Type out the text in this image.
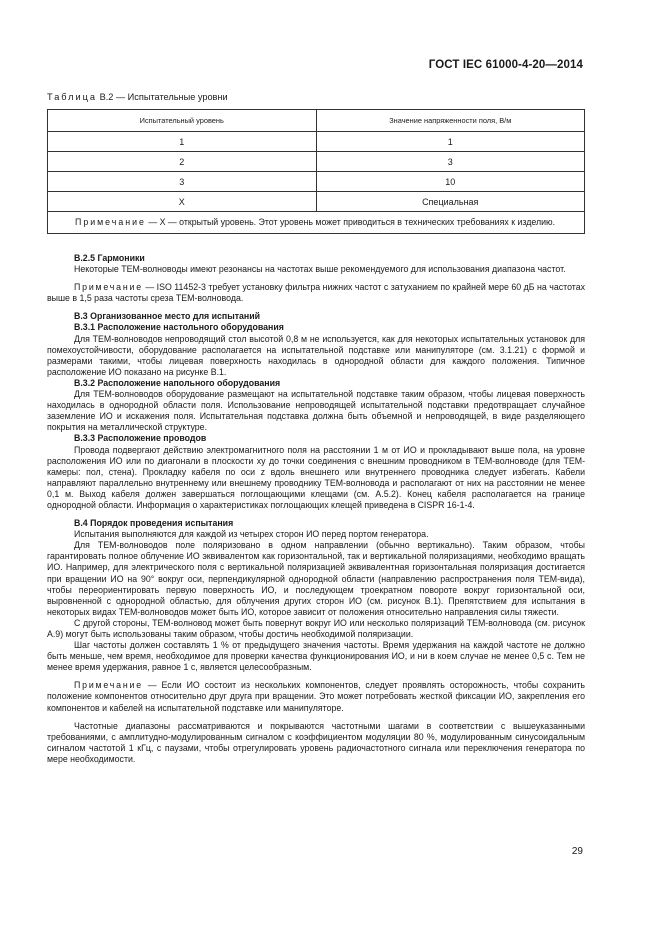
ГОСТ IEC 61000-4-20—2014
Таблица В.2 — Испытательные уровни
Испытательный уровень	Значение напряженности поля, В/м
1	1
2	3
3	10
X	Специальная
Примечание — X — открытый уровень. Этот уровень может приводиться в технических требованиях к изделию.	

В.2.5 Гармоники

Некоторые ТЕМ-волноводы имеют резонансы на частотах выше рекомендуемого для использования диапазона частот.

Примечание — ISO 11452-3 требует установку фильтра нижних частот с затуханием по крайней мере 60 дБ на частотах выше в 1,5 раза частоты среза ТЕМ-волновода.

В.3 Организованное место для испытаний

В.3.1 Расположение настольного оборудования

Для ТЕМ-волноводов непроводящий стол высотой 0,8 м не используется, как для некоторых испытательных установок для помехоустойчивости, оборудование располагается на испытательной подставке или манипуляторе (см. 3.1.21) с формой и размерами такими, чтобы лицевая поверхность находилась в однородной области для каждого положения. Типичное расположение ИО показано на рисунке В.1.

В.3.2 Расположение напольного оборудования

Для ТЕМ-волноводов оборудование размещают на испытательной подставке таким образом, чтобы лицевая поверхность находилась в однородной области поля. Использование непроводящей испытательной подставки предотвращает случайное заземление ИО и искажения поля. Испытательная подставка должна быть объемной и непроводящей, в виде разделяющего покрытия на металлической структуре.

В.3.3 Расположение проводов

Провода подвергают действию электромагнитного поля на расстоянии 1 м от ИО и прокладывают выше пола, на уровне расположения ИО или по диагонали в плоскости xy до точки соединения с внешним проводником в ТЕМ-волноводе (для ТЕМ-камеры: пол, стена). Прокладку кабеля по оси z вдоль внешнего или внутреннего проводника следует избегать. Кабели направляют параллельно внутреннему или внешнему проводнику ТЕМ-волновода и располагают от них на расстоянии не менее 0,1 м. Выход кабеля должен завершаться поглощающими клещами (см. А.5.2). Конец кабеля располагается на границе однородной области. Информация о характеристиках поглощающих клещей приведена в CISPR 16-1-4.

В.4 Порядок проведения испытания

Испытания выполняются для каждой из четырех сторон ИО перед портом генератора.

Для ТЕМ-волноводов поле поляризовано в одном направлении (обычно вертикально). Таким образом, чтобы гарантировать полное облучение ИО эквивалентом как горизонтальной, так и вертикальной поляризациями, необходимо вращать ИО. Например, для электрического поля с вертикальной поляризацией эквивалентная горизонтальная поляризация достигается при вращении ИО на 90° вокруг оси, перпендикулярной однородной области (направлению распространения поля ТЕМ-вида), чтобы переориентировать первую поверхность ИО, и последующем троекратном повороте вокруг горизонтальной оси, выровненной с однородной областью, для облучения других сторон ИО (см. рисунок В.1). Препятствием для испытания в некоторых видах ТЕМ-волноводов может быть ИО, которое зависит от положения относительно направления силы тяжести.

С другой стороны, ТЕМ-волновод может быть повернут вокруг ИО или несколько поляризаций ТЕМ-волновода (см. рисунок А.9) могут быть использованы таким образом, чтобы достичь необходимой поляризации.

Шаг частоты должен составлять 1 % от предыдущего значения частоты. Время удержания на каждой частоте не должно быть меньше, чем время, необходимое для проверки качества функционирования ИО, и ни в коем случае не менее 0,5 с. Тем не менее время удержания, равное 1 с, является целесообразным.

Примечание — Если ИО состоит из нескольких компонентов, следует проявлять осторожность, чтобы сохранить положение компонентов относительно друг друга при вращении. Это может потребовать жесткой фиксации ИО, закрепления его компонентов и кабелей на испытательной подставке или манипуляторе.

Частотные диапазоны рассматриваются и покрываются частотными шагами в соответствии с вышеуказанными требованиями, с амплитудно-модулированным сигналом с коэффициентом модуляции 80 %, модулированным синусоидальным сигналом частотой 1 кГц, с паузами, чтобы отрегулировать уровень радиочастотного сигнала или переключения генератора по мере необходимости.

29
